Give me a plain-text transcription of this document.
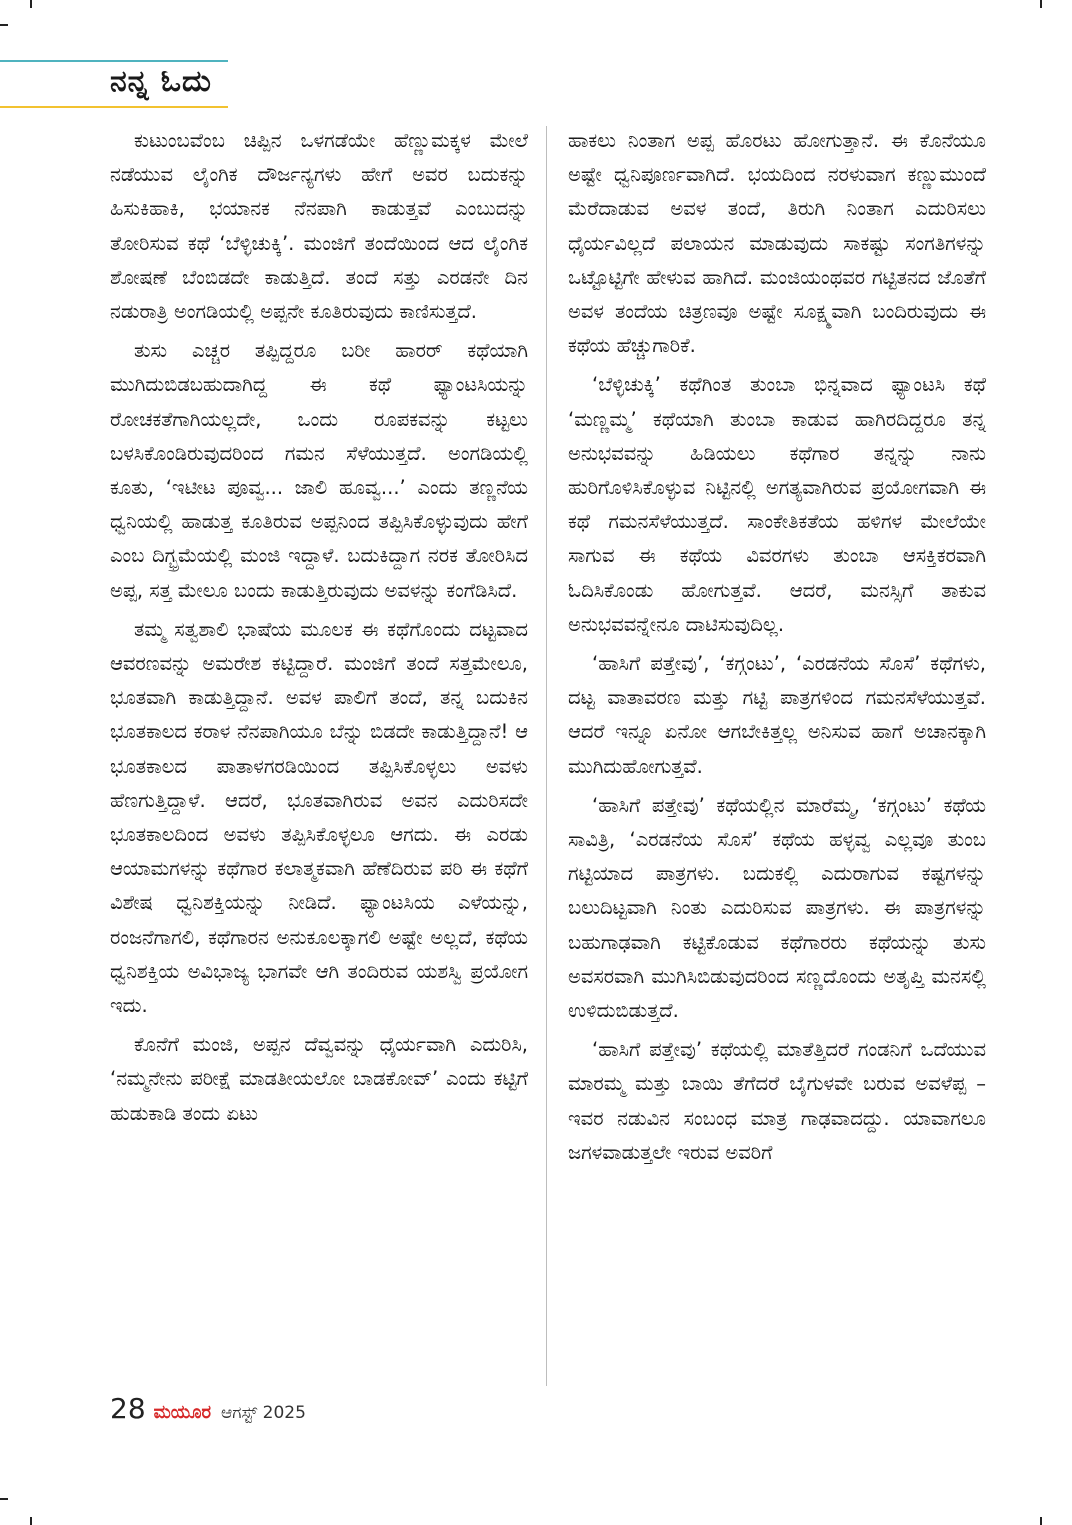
ನನ್ನ ಓದು

ಕುಟುಂಬವೆಂಬ ಚಿಪ್ಪಿನ ಒಳಗಡೆಯೇ ಹೆಣ್ಣುಮಕ್ಕಳ ಮೇಲೆ ನಡೆಯುವ ಲೈಂಗಿಕ ದೌರ್ಜನ್ಯಗಳು ಹೇಗೆ ಅವರ ಬದುಕನ್ನು ಹಿಸುಕಿಹಾಕಿ, ಭಯಾನಕ ನೆನಪಾಗಿ ಕಾಡುತ್ತವೆ ಎಂಬುದನ್ನು ತೋರಿಸುವ ಕಥೆ ‘ಬೆಳ್ಳಿಚುಕ್ಕಿ’. ಮಂಜಿಗೆ ತಂದೆಯಿಂದ ಆದ ಲೈಂಗಿಕ ಶೋಷಣೆ ಬೆಂಬಿಡದೇ ಕಾಡುತ್ತಿದೆ. ತಂದೆ ಸತ್ತು ಎರಡನೇ ದಿನ ನಡುರಾತ್ರಿ ಅಂಗಡಿಯಲ್ಲಿ ಅಪ್ಪನೇ ಕೂತಿರುವುದು ಕಾಣಿಸುತ್ತದೆ.

ತುಸು ಎಚ್ಚರ ತಪ್ಪಿದ್ದರೂ ಬರೀ ಹಾರರ್ ಕಥೆಯಾಗಿ ಮುಗಿದುಬಿಡಬಹುದಾಗಿದ್ದ ಈ ಕಥೆ ಫ್ಯಾಂಟಸಿಯನ್ನು ರೋಚಕತೆಗಾಗಿಯಲ್ಲದೇ, ಒಂದು ರೂಪಕವನ್ನು ಕಟ್ಟಲು ಬಳಸಿಕೊಂಡಿರುವುದರಿಂದ ಗಮನ ಸೆಳೆಯುತ್ತದೆ. ಅಂಗಡಿಯಲ್ಲಿ ಕೂತು, ‘ಇಟೀಟ ಪೂವ್ವ... ಜಾಲಿ ಹೂವ್ವ...’ ಎಂದು ತಣ್ಣನೆಯ ಧ್ವನಿಯಲ್ಲಿ ಹಾಡುತ್ತ ಕೂತಿರುವ ಅಪ್ಪನಿಂದ ತಪ್ಪಿಸಿಕೊಳ್ಳುವುದು ಹೇಗೆ ಎಂಬ ದಿಗ್ಭ್ರಮೆಯಲ್ಲಿ ಮಂಜಿ ಇದ್ದಾಳೆ. ಬದುಕಿದ್ದಾಗ ನರಕ ತೋರಿಸಿದ ಅಪ್ಪ, ಸತ್ತ ಮೇಲೂ ಬಂದು ಕಾಡುತ್ತಿರುವುದು ಅವಳನ್ನು ಕಂಗೆಡಿಸಿದೆ.

ತಮ್ಮ ಸತ್ವಶಾಲಿ ಭಾಷೆಯ ಮೂಲಕ ಈ ಕಥೆಗೊಂದು ದಟ್ಟವಾದ ಆವರಣವನ್ನು ಅಮರೇಶ ಕಟ್ಟಿದ್ದಾರೆ. ಮಂಜಿಗೆ ತಂದೆ ಸತ್ತಮೇಲೂ, ಭೂತವಾಗಿ ಕಾಡುತ್ತಿದ್ದಾನೆ. ಅವಳ ಪಾಲಿಗೆ ತಂದೆ, ತನ್ನ ಬದುಕಿನ ಭೂತಕಾಲದ ಕರಾಳ ನೆನಪಾಗಿಯೂ ಬೆನ್ನು ಬಿಡದೇ ಕಾಡುತ್ತಿದ್ದಾನೆ! ಆ ಭೂತಕಾಲದ ಪಾತಾಳಗರಡಿಯಿಂದ ತಪ್ಪಿಸಿಕೊಳ್ಳಲು ಅವಳು ಹೆಣಗುತ್ತಿದ್ದಾಳೆ. ಆದರೆ, ಭೂತವಾಗಿರುವ ಅವನ ಎದುರಿಸದೇ ಭೂತಕಾಲದಿಂದ ಅವಳು ತಪ್ಪಿಸಿಕೊಳ್ಳಲೂ ಆಗದು. ಈ ಎರಡು ಆಯಾಮಗಳನ್ನು ಕಥೆಗಾರ ಕಲಾತ್ಮಕವಾಗಿ ಹೆಣೆದಿರುವ ಪರಿ ಈ ಕಥೆಗೆ ವಿಶೇಷ ಧ್ವನಿಶಕ್ತಿಯನ್ನು ನೀಡಿದೆ. ಫ್ಯಾಂಟಸಿಯ ಎಳೆಯನ್ನು, ರಂಜನೆಗಾಗಲಿ, ಕಥೆಗಾರನ ಅನುಕೂಲಕ್ಕಾಗಲಿ ಅಷ್ಟೇ ಅಲ್ಲದೆ, ಕಥೆಯ ಧ್ವನಿಶಕ್ತಿಯ ಅವಿಭಾಜ್ಯ ಭಾಗವೇ ಆಗಿ ತಂದಿರುವ ಯಶಸ್ವಿ ಪ್ರಯೋಗ ಇದು.

ಕೊನೆಗೆ ಮಂಜಿ, ಅಪ್ಪನ ದೆವ್ವವನ್ನು ಧೈರ್ಯವಾಗಿ ಎದುರಿಸಿ, ‘ನಮ್ಮನೇನು ಪರೀಕ್ಷೆ ಮಾಡತೀಯಲೋ ಬಾಡಕೋವ್’ ಎಂದು ಕಟ್ಟಿಗೆ ಹುಡುಕಾಡಿ ತಂದು ಏಟು

ಹಾಕಲು ನಿಂತಾಗ ಅಪ್ಪ ಹೊರಟು ಹೋಗುತ್ತಾನೆ. ಈ ಕೊನೆಯೂ ಅಷ್ಟೇ ಧ್ವನಿಪೂರ್ಣವಾಗಿದೆ. ಭಯದಿಂದ ನರಳುವಾಗ ಕಣ್ಣುಮುಂದೆ ಮೆರೆದಾಡುವ ಅವಳ ತಂದೆ, ತಿರುಗಿ ನಿಂತಾಗ ಎದುರಿಸಲು ಧೈರ್ಯವಿಲ್ಲದೆ ಪಲಾಯನ ಮಾಡುವುದು ಸಾಕಷ್ಟು ಸಂಗತಿಗಳನ್ನು ಒಟ್ಟೊಟ್ಟಿಗೇ ಹೇಳುವ ಹಾಗಿದೆ. ಮಂಜಿಯಂಥವರ ಗಟ್ಟಿತನದ ಜೊತೆಗೆ ಅವಳ ತಂದೆಯ ಚಿತ್ರಣವೂ ಅಷ್ಟೇ ಸೂಕ್ಷ್ಮವಾಗಿ ಬಂದಿರುವುದು ಈ ಕಥೆಯ ಹೆಚ್ಚುಗಾರಿಕೆ.

‘ಬೆಳ್ಳಿಚುಕ್ಕಿ’ ಕಥೆಗಿಂತ ತುಂಬಾ ಭಿನ್ನವಾದ ಫ್ಯಾಂಟಸಿ ಕಥೆ ‘ಮಣ್ಣಮ್ಮ’ ಕಥೆಯಾಗಿ ತುಂಬಾ ಕಾಡುವ ಹಾಗಿರದಿದ್ದರೂ ತನ್ನ ಅನುಭವವನ್ನು ಹಿಡಿಯಲು ಕಥೆಗಾರ ತನ್ನನ್ನು ನಾನು ಹುರಿಗೊಳಿಸಿಕೊಳ್ಳುವ ನಿಟ್ಟಿನಲ್ಲಿ ಅಗತ್ಯವಾಗಿರುವ ಪ್ರಯೋಗವಾಗಿ ಈ ಕಥೆ ಗಮನಸೆಳೆಯುತ್ತದೆ. ಸಾಂಕೇತಿಕತೆಯ ಹಳಿಗಳ ಮೇಲೆಯೇ ಸಾಗುವ ಈ ಕಥೆಯ ವಿವರಗಳು ತುಂಬಾ ಆಸಕ್ತಿಕರವಾಗಿ ಓದಿಸಿಕೊಂಡು ಹೋಗುತ್ತವೆ. ಆದರೆ, ಮನಸ್ಸಿಗೆ ತಾಕುವ ಅನುಭವವನ್ನೇನೂ ದಾಟಿಸುವುದಿಲ್ಲ.

‘ಹಾಸಿಗೆ ಪತ್ತೇವು’, ‘ಕಗ್ಗಂಟು’, ‘ಎರಡನೆಯ ಸೊಸೆ’ ಕಥೆಗಳು, ದಟ್ಟ ವಾತಾವರಣ ಮತ್ತು ಗಟ್ಟಿ ಪಾತ್ರಗಳಿಂದ ಗಮನಸೆಳೆಯುತ್ತವೆ. ಆದರೆ ಇನ್ನೂ ಏನೋ ಆಗಬೇಕಿತ್ತಲ್ಲ ಅನಿಸುವ ಹಾಗೆ ಅಚಾನಕ್ಕಾಗಿ ಮುಗಿದುಹೋಗುತ್ತವೆ.

‘ಹಾಸಿಗೆ ಪತ್ತೇವು’ ಕಥೆಯಲ್ಲಿನ ಮಾರೆಮ್ಮ, ‘ಕಗ್ಗಂಟು’ ಕಥೆಯ ಸಾವಿತ್ರಿ, ‘ಎರಡನೆಯ ಸೊಸೆ’ ಕಥೆಯ ಹಳ್ಳವ್ವ ಎಲ್ಲವೂ ತುಂಬ ಗಟ್ಟಿಯಾದ ಪಾತ್ರಗಳು. ಬದುಕಲ್ಲಿ ಎದುರಾಗುವ ಕಷ್ಟಗಳನ್ನು ಬಲುದಿಟ್ಟವಾಗಿ ನಿಂತು ಎದುರಿಸುವ ಪಾತ್ರಗಳು. ಈ ಪಾತ್ರಗಳನ್ನು ಬಹುಗಾಢವಾಗಿ ಕಟ್ಟಿಕೊಡುವ ಕಥೆಗಾರರು ಕಥೆಯನ್ನು ತುಸು ಅವಸರವಾಗಿ ಮುಗಿಸಿಬಿಡುವುದರಿಂದ ಸಣ್ಣದೊಂದು ಅತೃಪ್ತಿ ಮನಸಲ್ಲಿ ಉಳಿದುಬಿಡುತ್ತದೆ.

‘ಹಾಸಿಗೆ ಪತ್ತೇವು’ ಕಥೆಯಲ್ಲಿ ಮಾತೆತ್ತಿದರೆ ಗಂಡನಿಗೆ ಒದೆಯುವ ಮಾರಮ್ಮ ಮತ್ತು ಬಾಯಿ ತೆಗೆದರೆ ಬೈಗುಳವೇ ಬರುವ ಅವಳೆಪ್ಪ – ಇವರ ನಡುವಿನ ಸಂಬಂಧ ಮಾತ್ರ ಗಾಢವಾದದ್ದು. ಯಾವಾಗಲೂ ಜಗಳವಾಡುತ್ತಲೇ ಇರುವ ಅವರಿಗೆ

28 ಮಯೂರ ಆಗಸ್ಟ್ 2025
